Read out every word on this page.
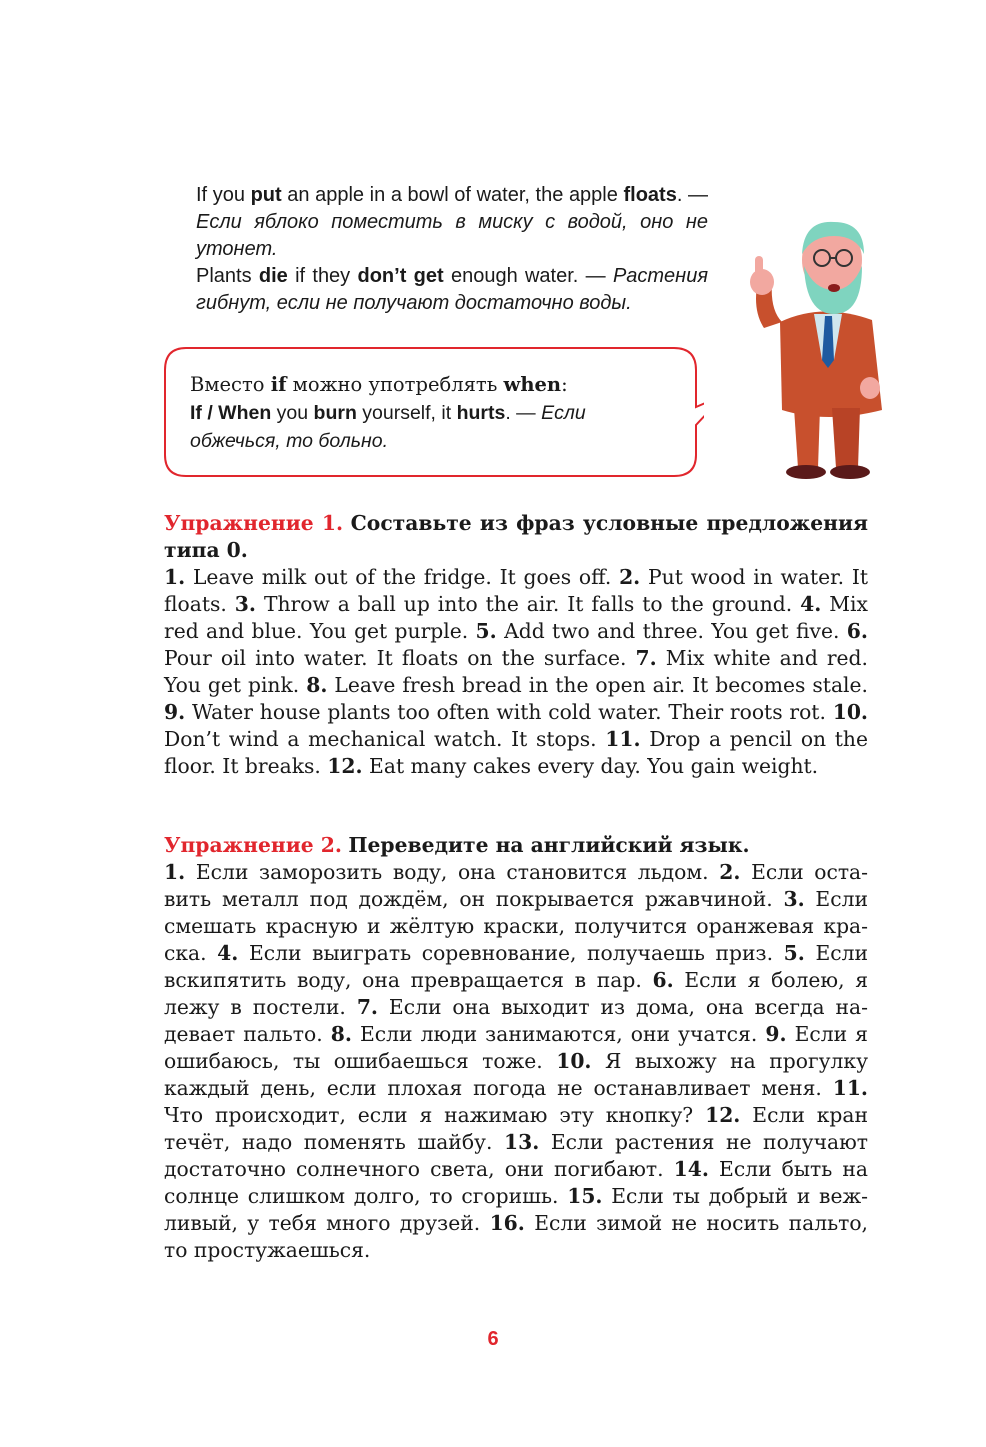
If you put an apple in a bowl of water, the apple floats. — Если яблоко поместить в миску с водой, оно не утонет.

Plants die if they don’t get enough water. — Растения гибнут, если не получают достаточно воды.

Вместо if можно употреблять when:

If / When you burn yourself, it hurts. — Если обжечься, то больно.

Упражнение 1. Составьте из фраз условные предложения типа 0.

1. Leave milk out of the fridge. It goes off. 2. Put wood in water. It floats. 3. Throw a ball up into the air. It falls to the ground. 4. Mix red and blue. You get purple. 5. Add two and three. You get five. 6. Pour oil into water. It floats on the surface. 7. Mix white and red. You get pink. 8. Leave fresh bread in the open air. It becomes stale. 9. Water house plants too often with cold water. Their roots rot. 10. Don’t wind a mechanical watch. It stops. 11. Drop a pencil on the floor. It breaks. 12. Eat many cakes every day. You gain weight.

Упражнение 2. Переведите на английский язык.

1. Если заморозить воду, она становится льдом. 2. Если остaвить металл под дождём, он покрывается ржавчиной. 3. Если смешать красную и жёлтую краски, получится оранжевая краска. 4. Если выиграть соревнование, получаешь приз. 5. Если вскипятить воду, она превращается в пар. 6. Если я болею, я лежу в постели. 7. Если она выходит из дома, она всегда надевает пальто. 8. Если люди занимаются, они учатся. 9. Если я ошибаюсь, ты ошибаешься тоже. 10. Я выхожу на прогулку каждый день, если плохая погода не останавливает меня. 11. Что происходит, если я нажимаю эту кнопку? 12. Если кран течёт, надо поменять шайбу. 13. Если растения не получают достаточно солнечного света, они погибают. 14. Если быть на солнце слишком долго, то сгоришь. 15. Если ты добрый и вежливый, у тебя много друзей. 16. Если зимой не носить пальто, то простужаешься.

6
